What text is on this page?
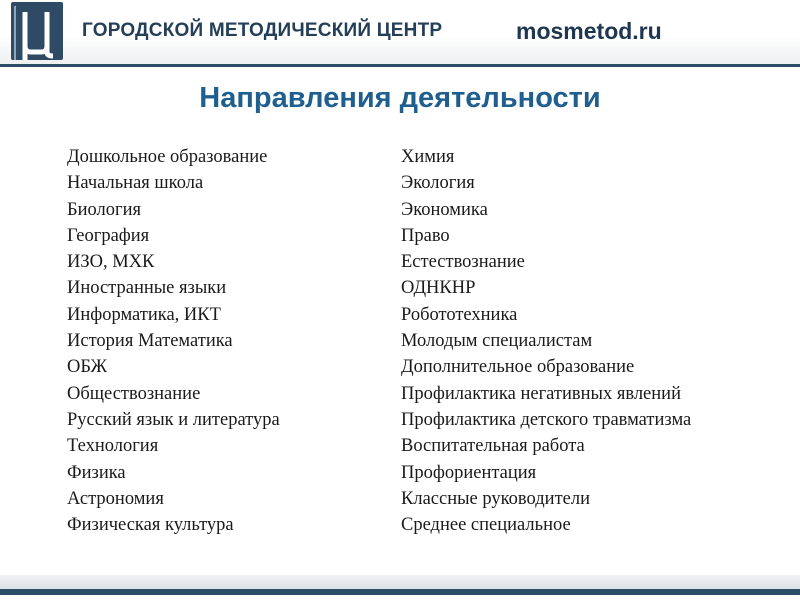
ГОРОДСКОЙ МЕТОДИЧЕСКИЙ ЦЕНТР	mosmetod.ru
Направления деятельности
Дошкольное образование
Начальная школа
Биология
География
ИЗО, МХК
Иностранные языки
Информатика, ИКТ
История Математика
ОБЖ
Обществознание
Русский язык и литература
Технология
Физика
Астрономия
Физическая культура
Химия
Экология
Экономика
Право
Естествознание
ОДНКНР
Робототехника
Молодым специалистам
Дополнительное образование
Профилактика негативных явлений
Профилактика детского травматизма
Воспитательная работа
Профориентация
Классные руководители
Среднее специальное
